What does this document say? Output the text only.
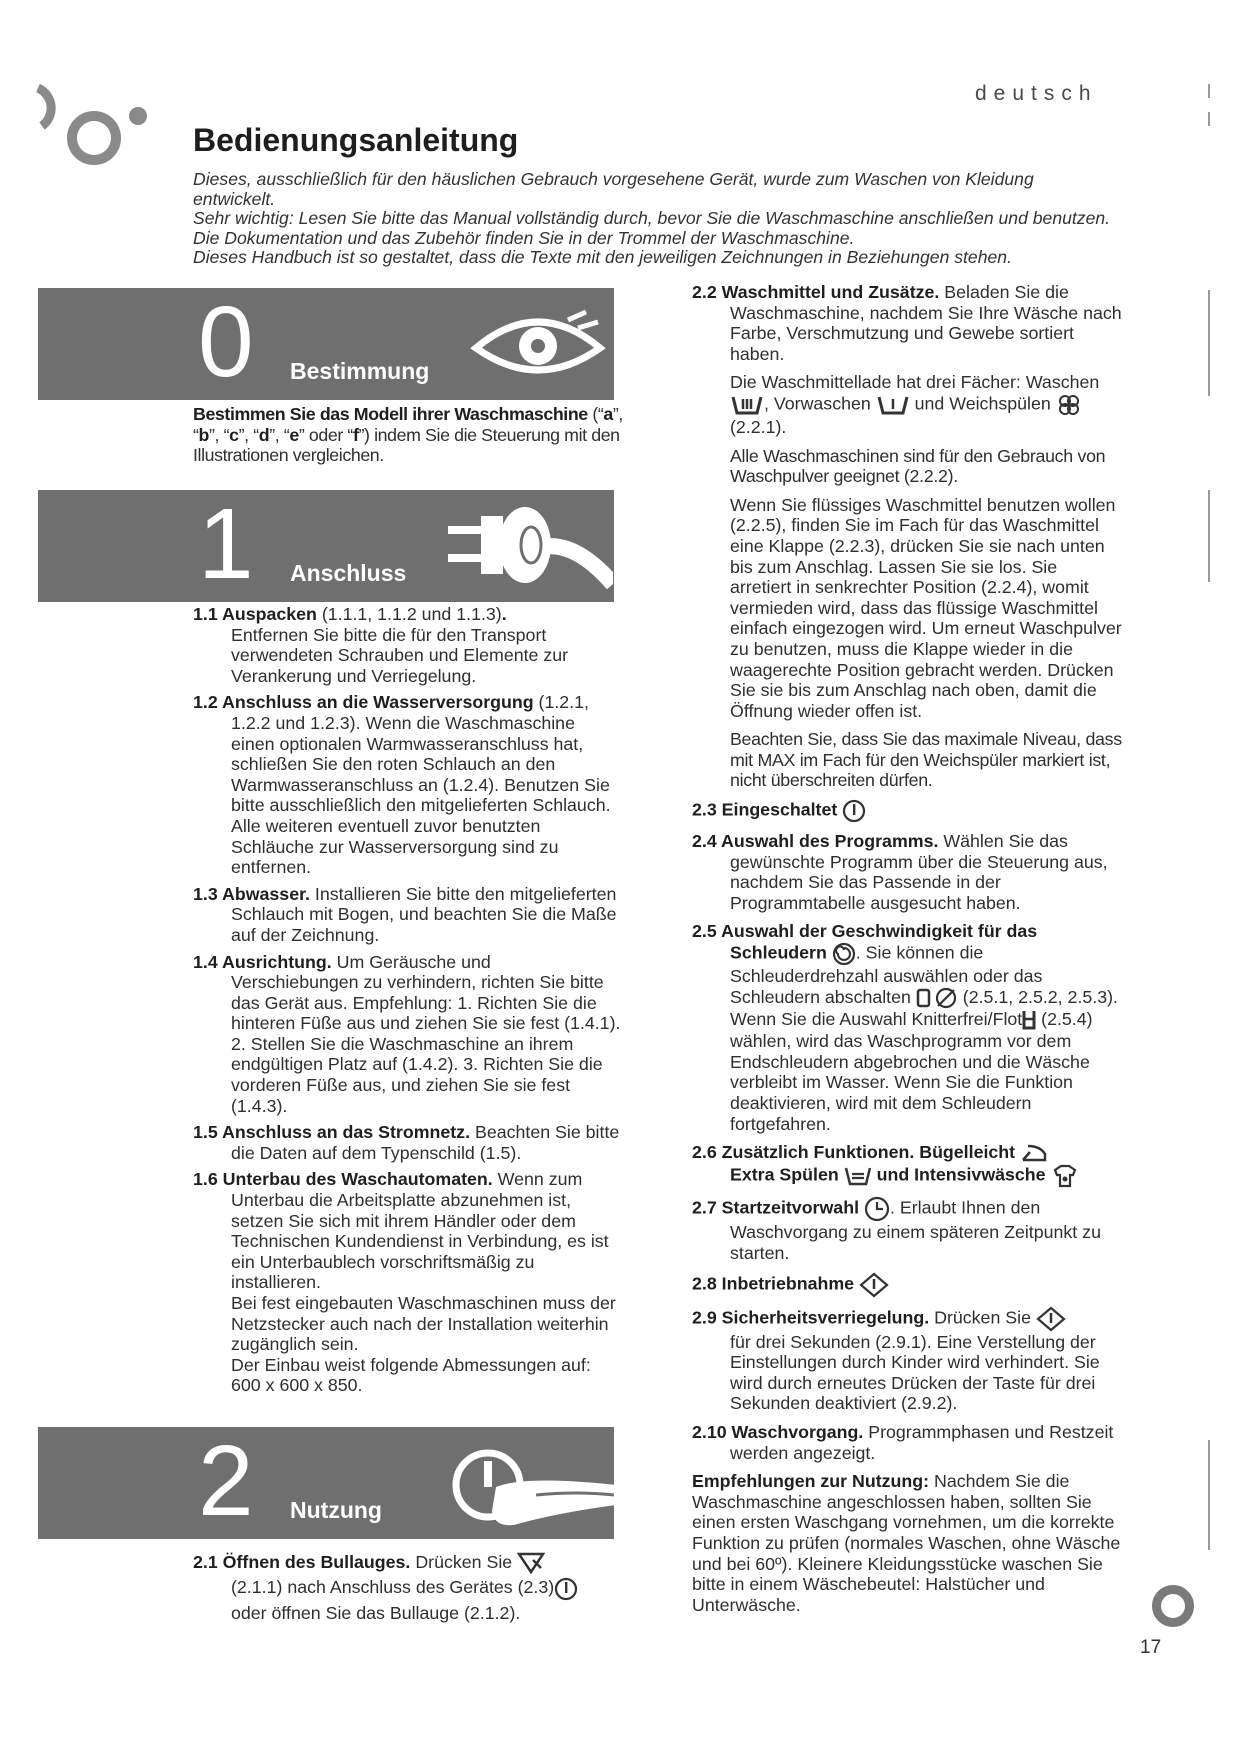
deutsch
Bedienungsanleitung

Dieses, ausschließlich für den häuslichen Gebrauch vorgesehene Gerät, wurde zum Waschen von Kleidung entwickelt.

Sehr wichtig: Lesen Sie bitte das Manual vollständig durch, bevor Sie die Waschmaschine anschließen und benutzen. Die Dokumentation und das Zubehör finden Sie in der Trommel der Waschmaschine.

Dieses Handbuch ist so gestaltet, dass die Texte mit den jeweiligen Zeichnungen in Beziehungen stehen.

0 Bestimmung
Bestimmen Sie das Modell ihrer Waschmaschine (“a”, “b”, “c”, “d”, “e” oder “f”) indem Sie die Steuerung mit den Illustrationen vergleichen.
1 Anschluss

1.1 Auspacken (1.1.1, 1.1.2 und 1.1.3).
Entfernen Sie bitte die für den Transport verwendeten Schrauben und Elemente zur Verankerung und Verriegelung.

1.2 Anschluss an die Wasserversorgung (1.2.1, 1.2.2 und 1.2.3). Wenn die Waschmaschine einen optionalen Warmwasseranschluss hat, schließen Sie den roten Schlauch an den Warmwasseranschluss an (1.2.4). Benutzen Sie bitte ausschließlich den mitgelieferten Schlauch. Alle weiteren eventuell zuvor benutzten Schläuche zur Wasserversorgung sind zu entfernen.

1.3 Abwasser. Installieren Sie bitte den mitgelieferten Schlauch mit Bogen, und beachten Sie die Maße auf der Zeichnung.

1.4 Ausrichtung. Um Geräusche und Verschiebungen zu verhindern, richten Sie bitte das Gerät aus. Empfehlung: 1. Richten Sie die hinteren Füße aus und ziehen Sie sie fest (1.4.1). 2. Stellen Sie die Waschmaschine an ihrem endgültigen Platz auf (1.4.2). 3. Richten Sie die vorderen Füße aus, und ziehen Sie sie fest (1.4.3).

1.5 Anschluss an das Stromnetz. Beachten Sie bitte die Daten auf dem Typenschild (1.5).

1.6 Unterbau des Waschautomaten. Wenn zum Unterbau die Arbeitsplatte abzunehmen ist, setzen Sie sich mit ihrem Händler oder dem Technischen Kundendienst in Verbindung, es ist ein Unterbaublech vorschriftsmäßig zu installieren.

Bei fest eingebauten Waschmaschinen muss der Netzstecker auch nach der Installation weiterhin zugänglich sein.

Der Einbau weist folgende Abmessungen auf: 600 x 600 x 850.

2 Nutzung

2.1 Öffnen des Bullauges. Drücken Sie
(2.1.1) nach Anschluss des Gerätes (2.3)
oder öffnen Sie das Bullauge (2.1.2).

2.2 Waschmittel und Zusätze. Beladen Sie die Waschmaschine, nachdem Sie Ihre Wäsche nach Farbe, Verschmutzung und Gewebe sortiert haben.

Die Waschmittellade hat drei Fächer: Waschen , Vorwaschen  und Weichspülen  (2.2.1).

Alle Waschmaschinen sind für den Gebrauch von Waschpulver geeignet (2.2.2).

Wenn Sie flüssiges Waschmittel benutzen wollen (2.2.5), finden Sie im Fach für das Waschmittel eine Klappe (2.2.3), drücken Sie sie nach unten bis zum Anschlag. Lassen Sie sie los. Sie arretiert in senkrechter Position (2.2.4), womit vermieden wird, dass das flüssige Waschmittel einfach eingezogen wird. Um erneut Waschpulver zu benutzen, muss die Klappe wieder in die waagerechte Position gebracht werden. Drücken Sie sie bis zum Anschlag nach oben, damit die Öffnung wieder offen ist.

Beachten Sie, dass Sie das maximale Niveau, dass mit MAX im Fach für den Weichspüler markiert ist, nicht überschreiten dürfen.

2.3 Eingeschaltet

2.4 Auswahl des Programms. Wählen Sie das gewünschte Programm über die Steuerung aus, nachdem Sie das Passende in der Programmtabelle ausgesucht haben.

2.5 Auswahl der Geschwindigkeit für das Schleudern . Sie können die Schleuderdrehzahl auswählen oder das Schleudern abschalten  (2.5.1, 2.5.2, 2.5.3). Wenn Sie die Auswahl Knitterfrei/Flot (2.5.4) wählen, wird das Waschprogramm vor dem Endschleudern abgebrochen und die Wäsche verbleibt im Wasser. Wenn Sie die Funktion deaktivieren, wird mit dem Schleudern fortgefahren.

2.6 Zusätzlich Funktionen. Bügelleicht
Extra Spülen  und Intensivwäsche

2.7 Startzeitvorwahl . Erlaubt Ihnen den Waschvorgang zu einem späteren Zeitpunkt zu starten.

2.8 Inbetriebnahme

2.9 Sicherheitsverriegelung. Drücken Sie
für drei Sekunden (2.9.1). Eine Verstellung der Einstellungen durch Kinder wird verhindert. Sie wird durch erneutes Drücken der Taste für drei Sekunden deaktiviert (2.9.2).

2.10 Waschvorgang. Programmphasen und Restzeit werden angezeigt.

Empfehlungen zur Nutzung: Nachdem Sie die Waschmaschine angeschlossen haben, sollten Sie einen ersten Waschgang vornehmen, um die korrekte Funktion zu prüfen (normales Waschen, ohne Wäsche und bei 60º). Kleinere Kleidungsstücke waschen Sie bitte in einem Wäschebeutel: Halstücher und Unterwäsche.

17
